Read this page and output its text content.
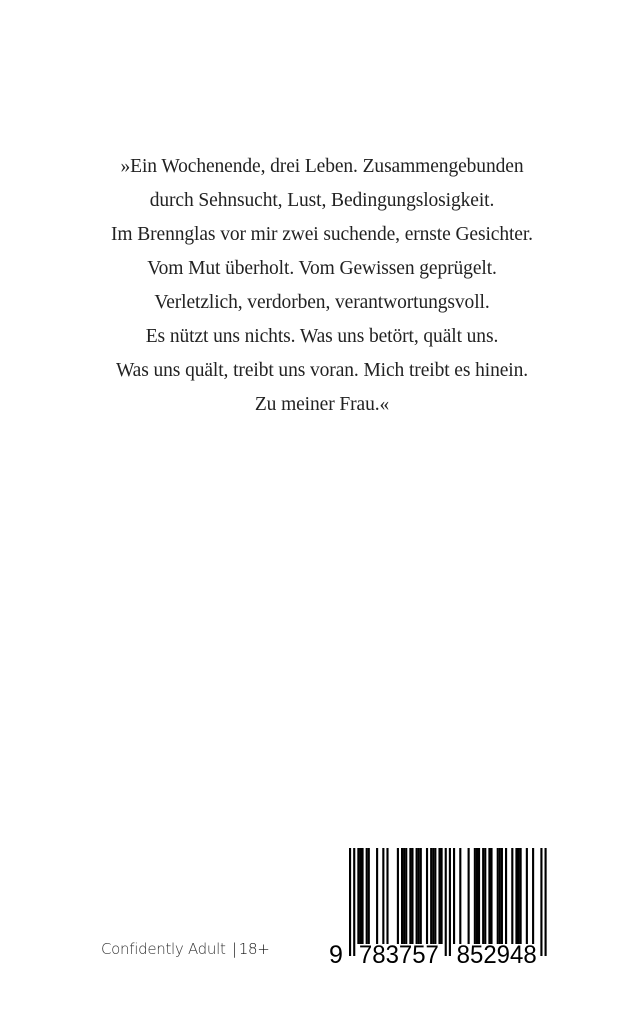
»Ein Wochenende, drei Leben. Zusammengebunden
durch Sehnsucht, Lust, Bedingungslosigkeit.
Im Brennglas vor mir zwei suchende, ernste Gesichter.
Vom Mut überholt. Vom Gewissen geprügelt.
Verletzlich, verdorben, verantwortungsvoll.
Es nützt uns nichts. Was uns betört, quält uns.
Was uns quält, treibt uns voran. Mich treibt es hinein.
Zu meiner Frau.«
Confidently Adult | 18+ 9 783757 852948
